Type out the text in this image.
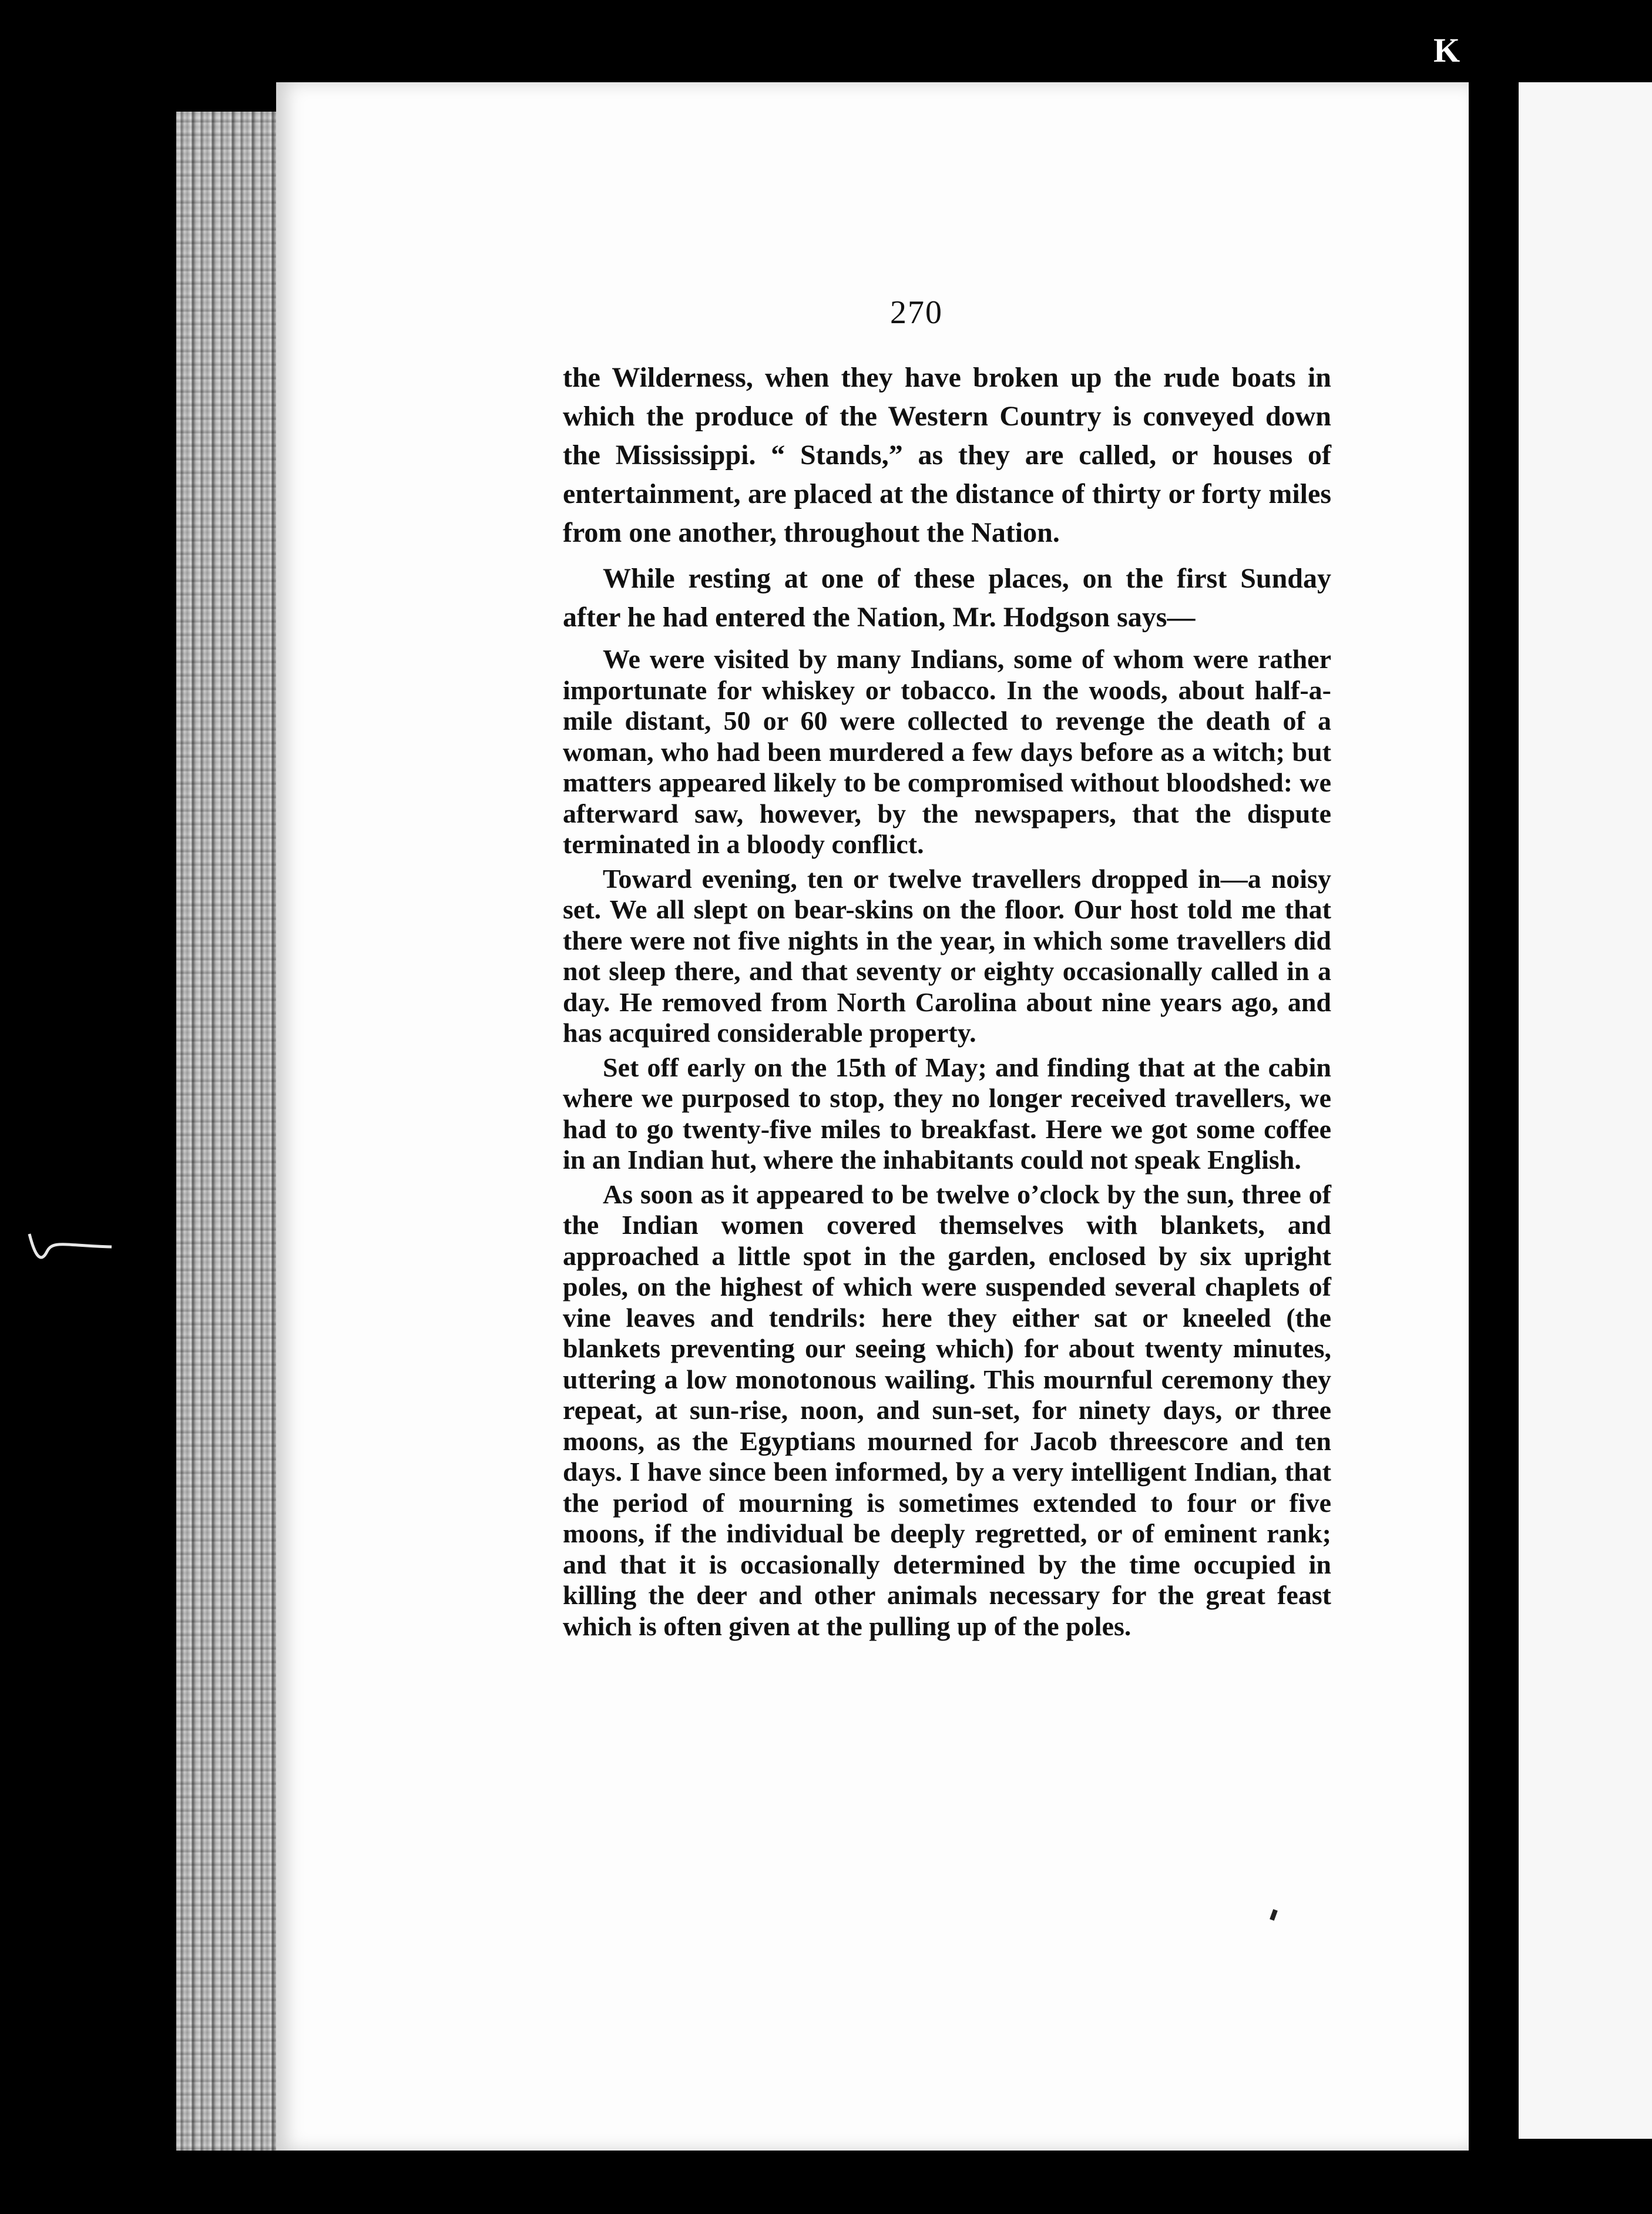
K
270

the Wilderness, when they have broken up the rude boats in which the produce of the Western Country is conveyed down the Mississippi. “ Stands,” as they are called, or houses of entertainment, are placed at the distance of thirty or forty miles from one another, throughout the Nation.

While resting at one of these places, on the first Sunday after he had entered the Nation, Mr. Hodgson says—

We were visited by many Indians, some of whom were rather importunate for whiskey or tobacco. In the woods, about half-a-mile distant, 50 or 60 were collected to revenge the death of a woman, who had been murdered a few days before as a witch; but matters appeared likely to be compromised without bloodshed: we afterward saw, however, by the newspapers, that the dispute terminated in a bloody conflict.

Toward evening, ten or twelve travellers dropped in—a noisy set. We all slept on bear-skins on the floor. Our host told me that there were not five nights in the year, in which some travellers did not sleep there, and that seventy or eighty occasionally called in a day. He removed from North Carolina about nine years ago, and has acquired considerable property.

Set off early on the 15th of May; and finding that at the cabin where we purposed to stop, they no longer received travellers, we had to go twenty-five miles to breakfast. Here we got some coffee in an Indian hut, where the inhabitants could not speak English.

As soon as it appeared to be twelve o’clock by the sun, three of the Indian women covered themselves with blankets, and approached a little spot in the garden, enclosed by six upright poles, on the highest of which were suspended several chaplets of vine leaves and tendrils: here they either sat or kneeled (the blankets preventing our seeing which) for about twenty minutes, uttering a low monotonous wailing. This mournful ceremony they repeat, at sun-rise, noon, and sun-set, for ninety days, or three moons, as the Egyptians mourned for Jacob threescore and ten days. I have since been informed, by a very intelligent Indian, that the period of mourning is sometimes extended to four or five moons, if the individual be deeply regretted, or of eminent rank; and that it is occasionally determined by the time occupied in killing the deer and other animals necessary for the great feast which is often given at the pulling up of the poles.
